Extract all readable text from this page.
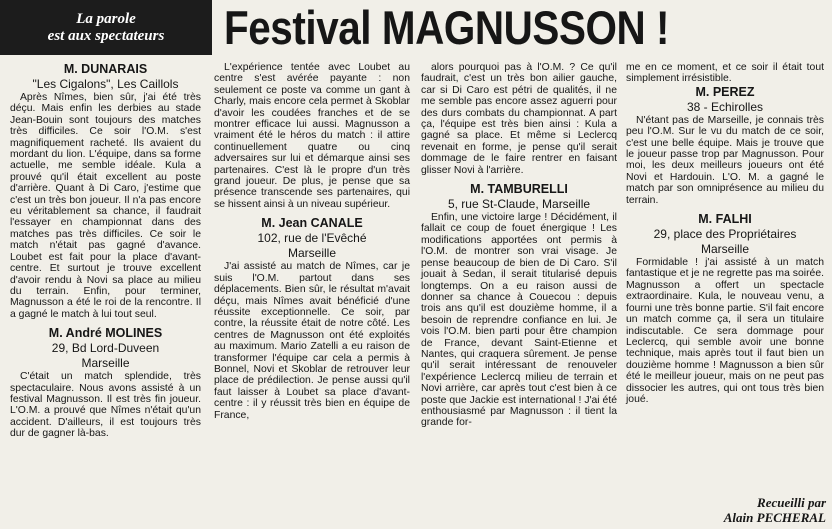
La parole
est aux spectateurs	Festival MAGNUSSON !
M. DUNARAIS
"Les Cigalons", Les Caillols

Après Nîmes, bien sûr, j'ai été très déçu. Mais enfin les derbies au stade Jean-Bouin sont toujours des matches très difficiles. Ce soir l'O.M. s'est magnifiquement racheté. Ils avaient du mordant du lion. L'équipe, dans sa forme actuelle, me semble idéale. Kula a prouvé qu'il était excellent au poste d'arrière. Quant à Di Caro, j'estime que c'est un très bon joueur. Il n'a pas encore eu véritablement sa chance, il faudrait l'essayer en championnat dans des matches pas très difficiles. Ce soir le match n'était pas gagné d'avance. Loubet est fait pour la place d'avant-centre. Et surtout je trouve excellent d'avoir rendu à Novi sa place au milieu du terrain. Enfin, pour terminer, Magnusson a été le roi de la rencontre. Il a gagné le match à lui tout seul.

M. André MOLINES
29, Bd Lord-Duveen
Marseille

C'était un match splendide, très spectaculaire. Nous avons assisté à un festival Magnusson. Il est très fin joueur. L'O.M. a prouvé que Nîmes n'était qu'un accident. D'ailleurs, il est toujours très dur de gagner là-bas.

L'expérience tentée avec Loubet au centre s'est avérée payante : non seulement ce poste va comme un gant à Charly, mais encore cela permet à Skoblar d'avoir les coudées franches et de se montrer efficace lui aussi. Magnusson a vraiment été le héros du match : il attire continuellement quatre ou cinq adversaires sur lui et démarque ainsi ses partenaires. C'est là le propre d'un très grand joueur. De plus, je pense que sa présence transcende ses partenaires, qui se hissent ainsi à un niveau supérieur.

M. Jean CANALE
102, rue de l'Evêché
Marseille

J'ai assisté au match de Nîmes, car je suis l'O.M. partout dans ses déplacements. Bien sûr, le résultat m'avait déçu, mais Nîmes avait bénéficié d'une réussite exceptionnelle. Ce soir, par contre, la réussite était de notre côté. Les centres de Magnusson ont été exploités au maximum. Mario Zatelli a eu raison de transformer l'équipe car cela a permis à Bonnel, Novi et Skoblar de retrouver leur place de prédilection. Je pense aussi qu'il faut laisser à Loubet sa place d'avant-centre : il y réussit très bien en équipe de France,

alors pourquoi pas à l'O.M. ? Ce qu'il faudrait, c'est un très bon ailier gauche, car si Di Caro est pétri de qualités, il ne me semble pas encore assez aguerri pour des durs combats du championnat. A part ça, l'équipe est très bien ainsi : Kula a gagné sa place. Et même si Leclercq revenait en forme, je pense qu'il serait dommage de le faire rentrer en faisant glisser Novi à l'arrière.

M. TAMBURELLI
5, rue St-Claude, Marseille

Enfin, une victoire large ! Décidément, il fallait ce coup de fouet énergique ! Les modifications apportées ont permis à l'O.M. de montrer son vrai visage. Je pense beaucoup de bien de Di Caro. S'il jouait à Sedan, il serait titularisé depuis longtemps. On a eu raison aussi de donner sa chance à Couecou : depuis trois ans qu'il est douzième homme, il a besoin de reprendre confiance en lui. Je vois l'O.M. bien parti pour être champion de France, devant Saint-Etienne et Nantes, qui craquera sûrement. Je pense qu'il serait intéressant de renouveler l'expérience Leclercq milieu de terrain et Novi arrière, car après tout c'est bien à ce poste que Jackie est international ! J'ai été enthousiasmé par Magnusson : il tient la grande for-

me en ce moment, et ce soir il était tout simplement irrésistible.

M. PEREZ
38 - Echirolles

N'étant pas de Marseille, je connais très peu l'O.M. Sur le vu du match de ce soir, c'est une belle équipe. Mais je trouve que le joueur passe trop par Magnusson. Pour moi, les deux meilleurs joueurs ont été Novi et Hardouin. L'O. M. a gagné le match par son omniprésence au milieu du terrain.

M. FALHI
29, place des Propriétaires
Marseille

Formidable ! j'ai assisté à un match fantastique et je ne regrette pas ma soirée. Magnusson a offert un spectacle extraordinaire. Kula, le nouveau venu, a fourni une très bonne partie. S'il fait encore un match comme ça, il sera un titulaire indiscutable. Ce sera dommage pour Leclercq, qui semble avoir une bonne technique, mais après tout il faut bien un douzième homme ! Magnusson a bien sûr été le meilleur joueur, mais on ne peut pas dissocier les autres, qui ont tous très bien joué.

Recueilli par
Alain PECHERAL
